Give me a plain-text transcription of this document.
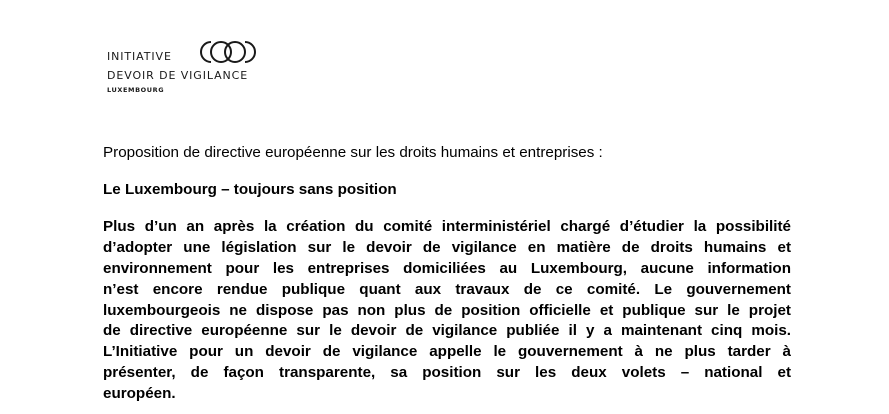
INITIATIVE
DEVOIR DE VIGILANCE
LUXEMBOURG
Proposition de directive européenne sur les droits humains et entreprises :
Le Luxembourg – toujours sans position
Plus d’un an après la création du comité interministériel chargé d’étudier la possibilité
d’adopter une législation sur le devoir de vigilance en matière de droits humains et
environnement pour les entreprises domiciliées au Luxembourg, aucune information
n’est encore rendue publique quant aux travaux de ce comité. Le gouvernement
luxembourgeois ne dispose pas non plus de position officielle et publique sur le projet
de directive européenne sur le devoir de vigilance publiée il y a maintenant cinq mois.
L’Initiative pour un devoir de vigilance appelle le gouvernement à ne plus tarder à
présenter, de façon transparente, sa position sur les deux volets – national et
européen.
